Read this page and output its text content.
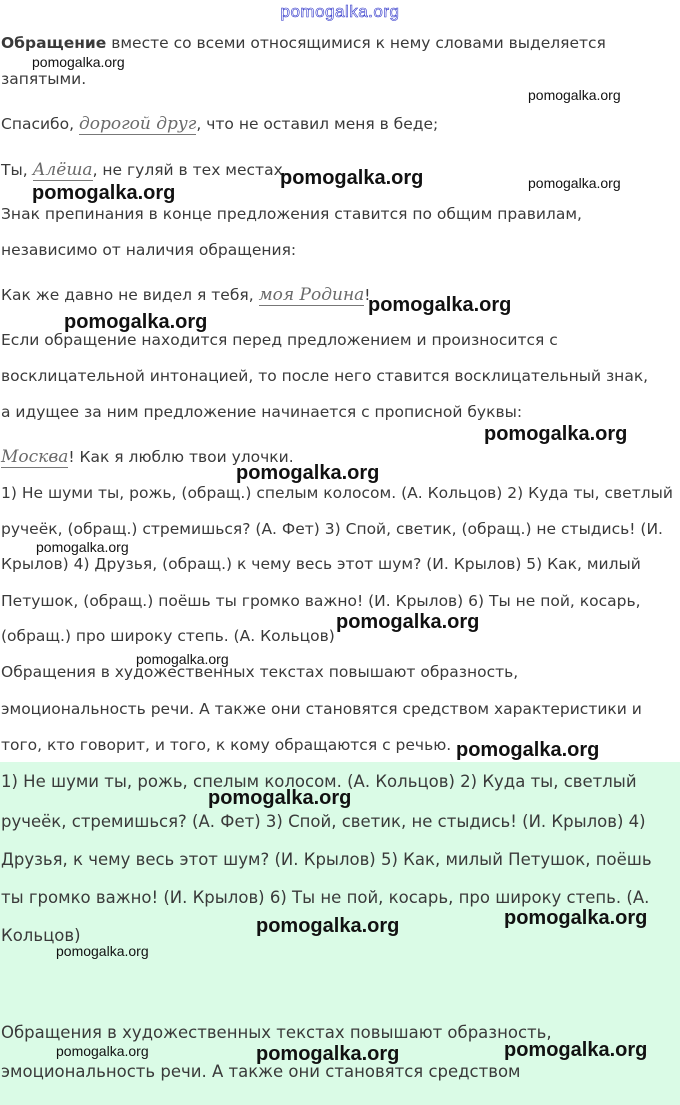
pomogalka.org
Обращение вместе со всеми относящимися к нему словами выделяется
запятыми.
Спасибо, дорогой друг, что не оставил меня в беде;
Ты, Алёша, не гуляй в тех местах.
Знак препинания в конце предложения ставится по общим правилам,
независимо от наличия обращения:
Как же давно не видел я тебя, моя Родина!
Если обращение находится перед предложением и произносится с
восклицательной интонацией, то после него ставится восклицательный знак,
а идущее за ним предложение начинается с прописной буквы:
Москва! Как я люблю твои улочки.
1) Не шуми ты, рожь, (обращ.) спелым колосом. (А. Кольцов) 2) Куда ты, светлый
ручеёк, (обращ.) стремишься? (А. Фет) 3) Спой, светик, (обращ.) не стыдись! (И.
Крылов) 4) Друзья, (обращ.) к чему весь этот шум? (И. Крылов) 5) Как, милый
Петушок, (обращ.) поёшь ты громко важно! (И. Крылов) 6) Ты не пой, косарь,
(обращ.) про широку степь. (А. Кольцов)
Обращения в художественных текстах повышают образность,
эмоциональность речи. А также они становятся средством характеристики и
того, кто говорит, и того, к кому обращаются с речью.
1) Не шуми ты, рожь, спелым колосом. (А. Кольцов) 2) Куда ты, светлый
ручеёк, стремишься? (А. Фет) 3) Спой, светик, не стыдись! (И. Крылов) 4)
Друзья, к чему весь этот шум? (И. Крылов) 5) Как, милый Петушок, поёшь
ты громко важно! (И. Крылов) 6) Ты не пой, косарь, про широку степь. (А.
Кольцов)
Обращения в художественных текстах повышают образность,
эмоциональность речи. А также они становятся средством
pomogalka.org
pomogalka.org
pomogalka.org	pomogalka.org
pomogalka.org
pomogalka.org
pomogalka.org
pomogalka.org
pomogalka.org
pomogalka.org
pomogalka.org
pomogalka.org
pomogalka.org
pomogalka.org
pomogalka.org
pomogalka.org
pomogalka.org
pomogalka.org	pomogalka.org	pomogalka.org
